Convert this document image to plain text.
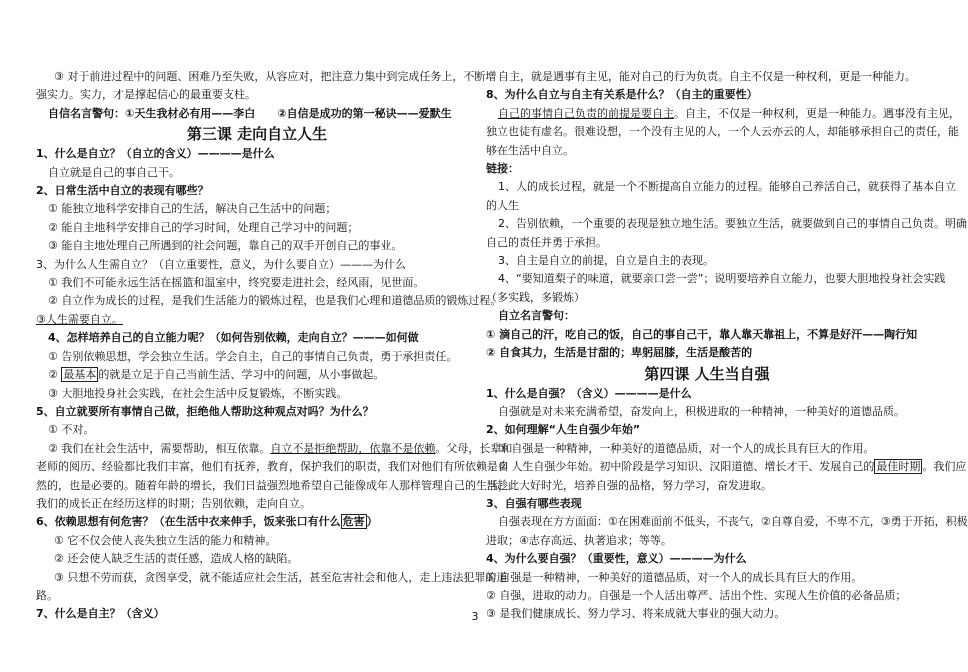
③ 对于前进过程中的问题、困难乃至失败，从容应对，把注意力集中到完成任务上，不断增
强实力。实力，才是撑起信心的最重要支柱。
自信名言警句：①天生我材必有用——李白　　②自信是成功的第一秘诀——爱默生
第三课 走向自立人生
1、什么是自立？（自立的含义）————是什么
自立就是自己的事自己干。
2、日常生活中自立的表现有哪些？
① 能独立地科学安排自己的生活，解决自己生活中的问题；
② 能自主地科学安排自己的学习时间，处理自己学习中的问题；
③ 能自主地处理自己所遇到的社会问题，靠自己的双手开创自己的事业。
3、为什么人生需自立？（自立重要性，意义，为什么要自立）———为什么
① 我们不可能永远生活在摇篮和温室中，终究要走进社会，经风雨，见世面。
② 自立作为成长的过程，是我们生活能力的锻炼过程，也是我们心理和道德品质的锻炼过程。
③人生需要自立。
4、怎样培养自己的自立能力呢？（如何告别依赖，走向自立？———如何做
① 告别依赖思想，学会独立生活。学会自主，自己的事情自己负责，勇于承担责任。
② 最基本 的就是立足于自己当前生活、学习中的问题，从小事做起。
③ 大胆地投身社会实践，在社会生活中反复锻炼，不断实践。
5、自立就要所有事情自己做，拒绝他人帮助这种观点对吗？为什么？
① 不对。
② 我们在社会生活中，需要帮助，相互依靠。自立不是拒绝帮助，依靠不是依赖。父母，长辈和
老师的阅历、经验都比我们丰富，他们有抚养，教育，保护我们的职责，我们对他们有所依赖是自
然的，也是必要的。随着年龄的增长，我们日益强烈地希望自己能像成年人那样管理自己的生活，
我们的成长正在经历这样的时期；告别依赖，走向自立。
6、依赖思想有何危害？（在生活中衣来伸手，饭来张口有什么 危害 ）
① 它不仅会使人丧失独立生活的能力和精神。
② 还会使人缺乏生活的责任感，造成人格的缺陷。
③ 只想不劳而获，贪图享受，就不能适应社会生活，甚至危害社会和他人，走上违法犯罪的道
路。
7、什么是自主？（含义）
自主，就是遇事有主见，能对自己的行为负责。自主不仅是一种权利，更是一种能力。
8、为什么自立与自主有关系是什么？（自主的重要性）
自己的事情自己负责的前提是要自主。自主，不仅是一种权利，更是一种能力。遇事没有主见，
独立也徒有虚名。很难设想，一个没有主见的人，一个人云亦云的人，却能够承担自己的责任，能
够在生活中自立。
链接：
1、人的成长过程，就是一个不断提高自立能力的过程。能够自己养活自己，就获得了基本自立
的人生
2、告别依赖，一个重要的表现是独立地生活。要独立生活，就要做到自己的事情自己负责。明确
自己的责任并勇于承担。
3、自主是自立的前提，自立是自主的表现。
4、“要知道梨子的味道，就要亲口尝一尝”；说明要培养自立能力，也要大胆地投身社会实践
（多实践，多锻炼）
自立名言警句：
① 滴自己的汗，吃自己的饭，自己的事自己干，靠人靠天靠祖上，不算是好汗——陶行知
② 自食其力，生活是甘甜的；卑躬屈膝，生活是酸苦的
第四课 人生当自强
1、什么是自强？（含义）————是什么
自强就是对未来充满希望，奋发向上，积极进取的一种精神，一种美好的道德品质。
2、如何理解“人生自强少年始”
① 自强是一种精神，一种美好的道德品质，对一个人的成长具有巨大的作用。
② 人生自强少年始。初中阶段是学习知识、汉阳道德、增长才干、发展自己的 最佳时期 。我们应
当趁此大好时光，培养自强的品格，努力学习，奋发进取。
3、自强有哪些表现
自强表现在方方面面：①在困难面前不低头，不丧气，②自尊自爱，不卑不亢，③勇于开拓，积极
进取；④志存高远、执著追求；等等。
4、为什么要自强？（重要性，意义）————为什么
① 自强是一种精神，一种美好的道德品质，对一个人的成长具有巨大的作用。
② 自强，进取的动力。自强是一个人活出尊严、活出个性、实现人生价值的必备品质；
③ 是我们健康成长、努力学习、将来成就大事业的强大动力。
3
